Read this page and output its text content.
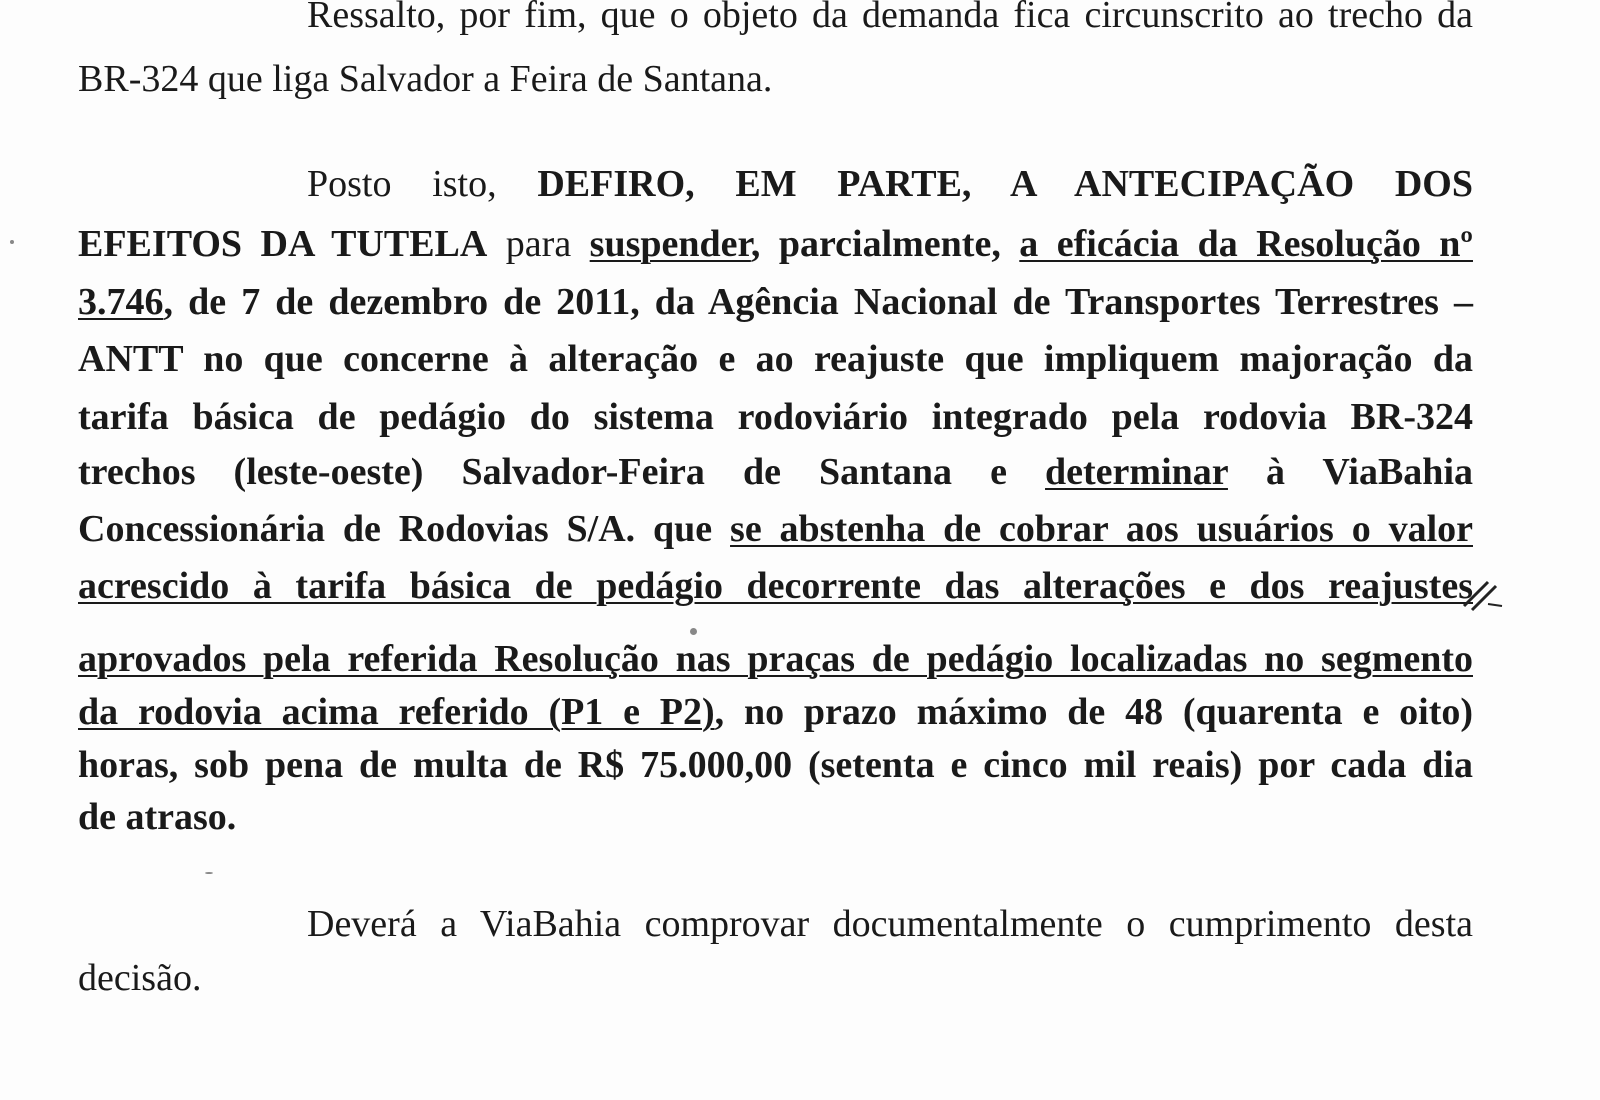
Ressalto, por fim, que o objeto da demanda fica circunscrito ao trecho da
BR-324 que liga Salvador a Feira de Santana.
Posto isto, DEFIRO, EM PARTE, A ANTECIPAÇÃO DOS
EFEITOS DA TUTELA para suspender, parcialmente, a eficácia da Resolução nº
3.746, de 7 de dezembro de 2011, da Agência Nacional de Transportes Terrestres –
ANTT no que concerne à alteração e ao reajuste que impliquem majoração da
tarifa básica de pedágio do sistema rodoviário integrado pela rodovia BR-324
trechos (leste-oeste) Salvador-Feira de Santana e determinar à ViaBahia
Concessionária de Rodovias S/A. que se abstenha de cobrar aos usuários o valor
acrescido à tarifa básica de pedágio decorrente das alterações e dos reajustes
aprovados pela referida Resolução nas praças de pedágio localizadas no segmento
da rodovia acima referido (P1 e P2), no prazo máximo de 48 (quarenta e oito)
horas, sob pena de multa de R$ 75.000,00 (setenta e cinco mil reais) por cada dia
de atraso.
Deverá a ViaBahia comprovar documentalmente o cumprimento desta
decisão.
